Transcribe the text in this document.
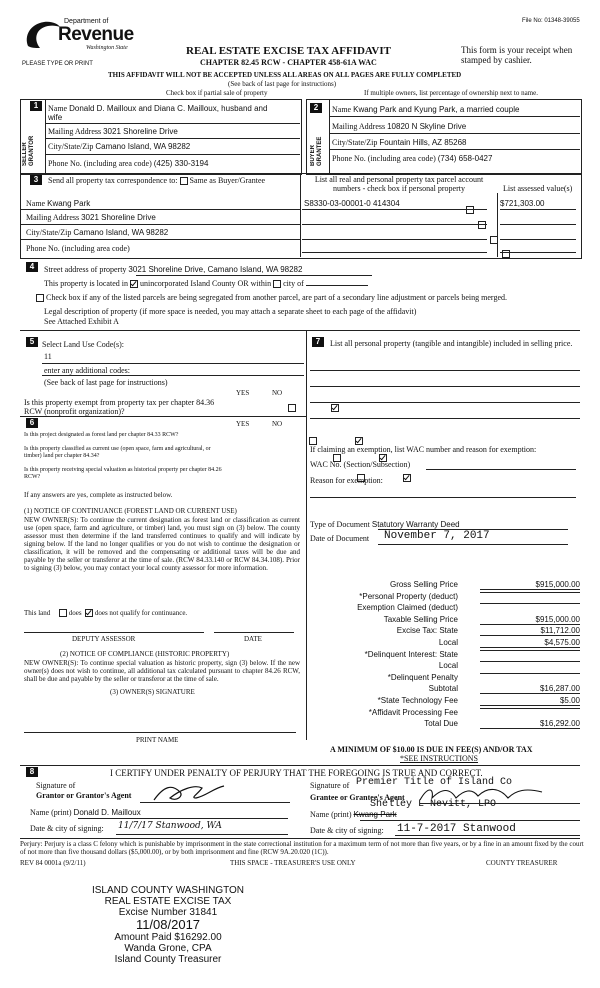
File No: 01348-39055
Department of
Revenue
Washington State
PLEASE TYPE OR PRINT
REAL ESTATE EXCISE TAX AFFIDAVIT
CHAPTER 82.45 RCW - CHAPTER 458-61A WAC
This form is your receipt when stamped by cashier.
THIS AFFIDAVIT WILL NOT BE ACCEPTED UNLESS ALL AREAS ON ALL PAGES ARE FULLY COMPLETED
(See back of last page for instructions)
Check box if partial sale of property	If multiple owners, list percentage of ownership next to name.
1	2
SELLER GRANTOR	BUYER GRANTEE
Name Donald D. Mailloux and Diana C. Mailloux, husband and
wife
Mailing Address 3021 Shoreline Drive
City/State/Zip Camano Island, WA 98282
Phone No. (including area code) (425) 330-3194
Name Kwang Park and Kyung Park, a married couple
Mailing Address 10820 N Skyline Drive
City/State/Zip Fountain Hills, AZ 85268
Phone No. (including area code) (734) 658-0427
3	Send all property tax correspondence to: Same as Buyer/Grantee
Name Kwang Park
Mailing Address 3021 Shoreline Drive
City/State/Zip Camano Island, WA 98282
Phone No. (including area code)
List all real and personal property tax parcel account numbers - check box if personal property	List assessed value(s)
S8330-03-00001-0 414304	$721,303.00

4	Street address of property 3021 Shoreline Drive, Camano Island, WA 98282
This property is located in unincorporated Island County OR within city of
Check box if any of the listed parcels are being segregated from another parcel, are part of a secondary line adjustment or parcels being merged.
Legal description of property (if more space is needed, you may attach a separate sheet to each page of the affidavit)
See Attached Exhibit A
5 Select Land Use Code(s):
11
enter any additional codes:
(See back of last page for instructions)
YES	NO
Is this property exempt from property tax per chapter 84.36 RCW (nonprofit organization)?

6	YES	NO
Is this project designated as forest land per chapter 84.33 RCW?

Is this property classified as current use (open space, farm and agricultural, or timber) land per chapter 84.34?

Is this property receiving special valuation as historical property per chapter 84.26 RCW?

If any answers are yes, complete as instructed below.
(1) NOTICE OF CONTINUANCE (FOREST LAND OR CURRENT USE)
NEW OWNER(S): To continue the current designation as forest land or classification as current use (open space, farm and agriculture, or timber) land, you must sign on (3) below. The county assessor must then determine if the land transferred continues to qualify and will indicate by signing below. If the land no longer qualifies or you do not wish to continue the designation or classification, it will be removed and the compensating or additional taxes will be due and payable by the seller or transferor at the time of sale. (RCW 84.33.140 or RCW 84.34.108). Prior to signing (3) below, you may contact your local county assessor for more information.
This land	does does not qualify for continuance.
DEPUTY ASSESSOR	DATE
(2) NOTICE OF COMPLIANCE (HISTORIC PROPERTY)
NEW OWNER(S): To continue special valuation as historic property, sign (3) below. If the new owner(s) does not wish to continue, all additional tax calculated pursuant to chapter 84.26 RCW, shall be due and payable by the seller or transferor at the time of sale.
(3) OWNER(S) SIGNATURE
PRINT NAME
7	List all personal property (tangible and intangible) included in selling price.
If claiming an exemption, list WAC number and reason for exemption:
WAC No. (Section/Subsection)
Reason for exemption:
Type of Document Statutory Warranty Deed
Date of Document November 7, 2017
Gross Selling Price	$915,000.00
*Personal Property (deduct)
Exemption Claimed (deduct)
Taxable Selling Price	$915,000.00
Excise Tax: State	$11,712.00
Local	$4,575.00
*Delinquent Interest: State
Local
*Delinquent Penalty
Subtotal	$16,287.00
*State Technology Fee	$5.00
*Affidavit Processing Fee
Total Due	$16,292.00
A MINIMUM OF $10.00 IS DUE IN FEE(S) AND/OR TAX
*SEE INSTRUCTIONS
8	I CERTIFY UNDER PENALTY OF PERJURY THAT THE FOREGOING IS TRUE AND CORRECT.
Signature of
Grantor or Grantor's Agent
Name (print) Donald D. Mailloux
Date & city of signing: 11/7/17 Stanwood, WA
Signature of Premier Title of Island Co
Grantee or Grantee's Agent
Shelley L Nevitt, LPO
Name (print) Kwang Park
Date & city of signing: 11-7-2017 Stanwood
Perjury: Perjury is a class C felony which is punishable by imprisonment in the state correctional institution for a maximum term of not more than five years, or by a fine in an amount fixed by the court of not more than five thousand dollars ($5,000.00), or by both imprisonment and fine (RCW 9A.20.020 (1C)).
REV 84 0001a (9/2/11)	THIS SPACE - TREASURER'S USE ONLY	COUNTY TREASURER
ISLAND COUNTY WASHINGTON
REAL ESTATE EXCISE TAX
Excise Number 31841
11/08/2017
Amount Paid $16292.00
Wanda Grone, CPA
Island County Treasurer
